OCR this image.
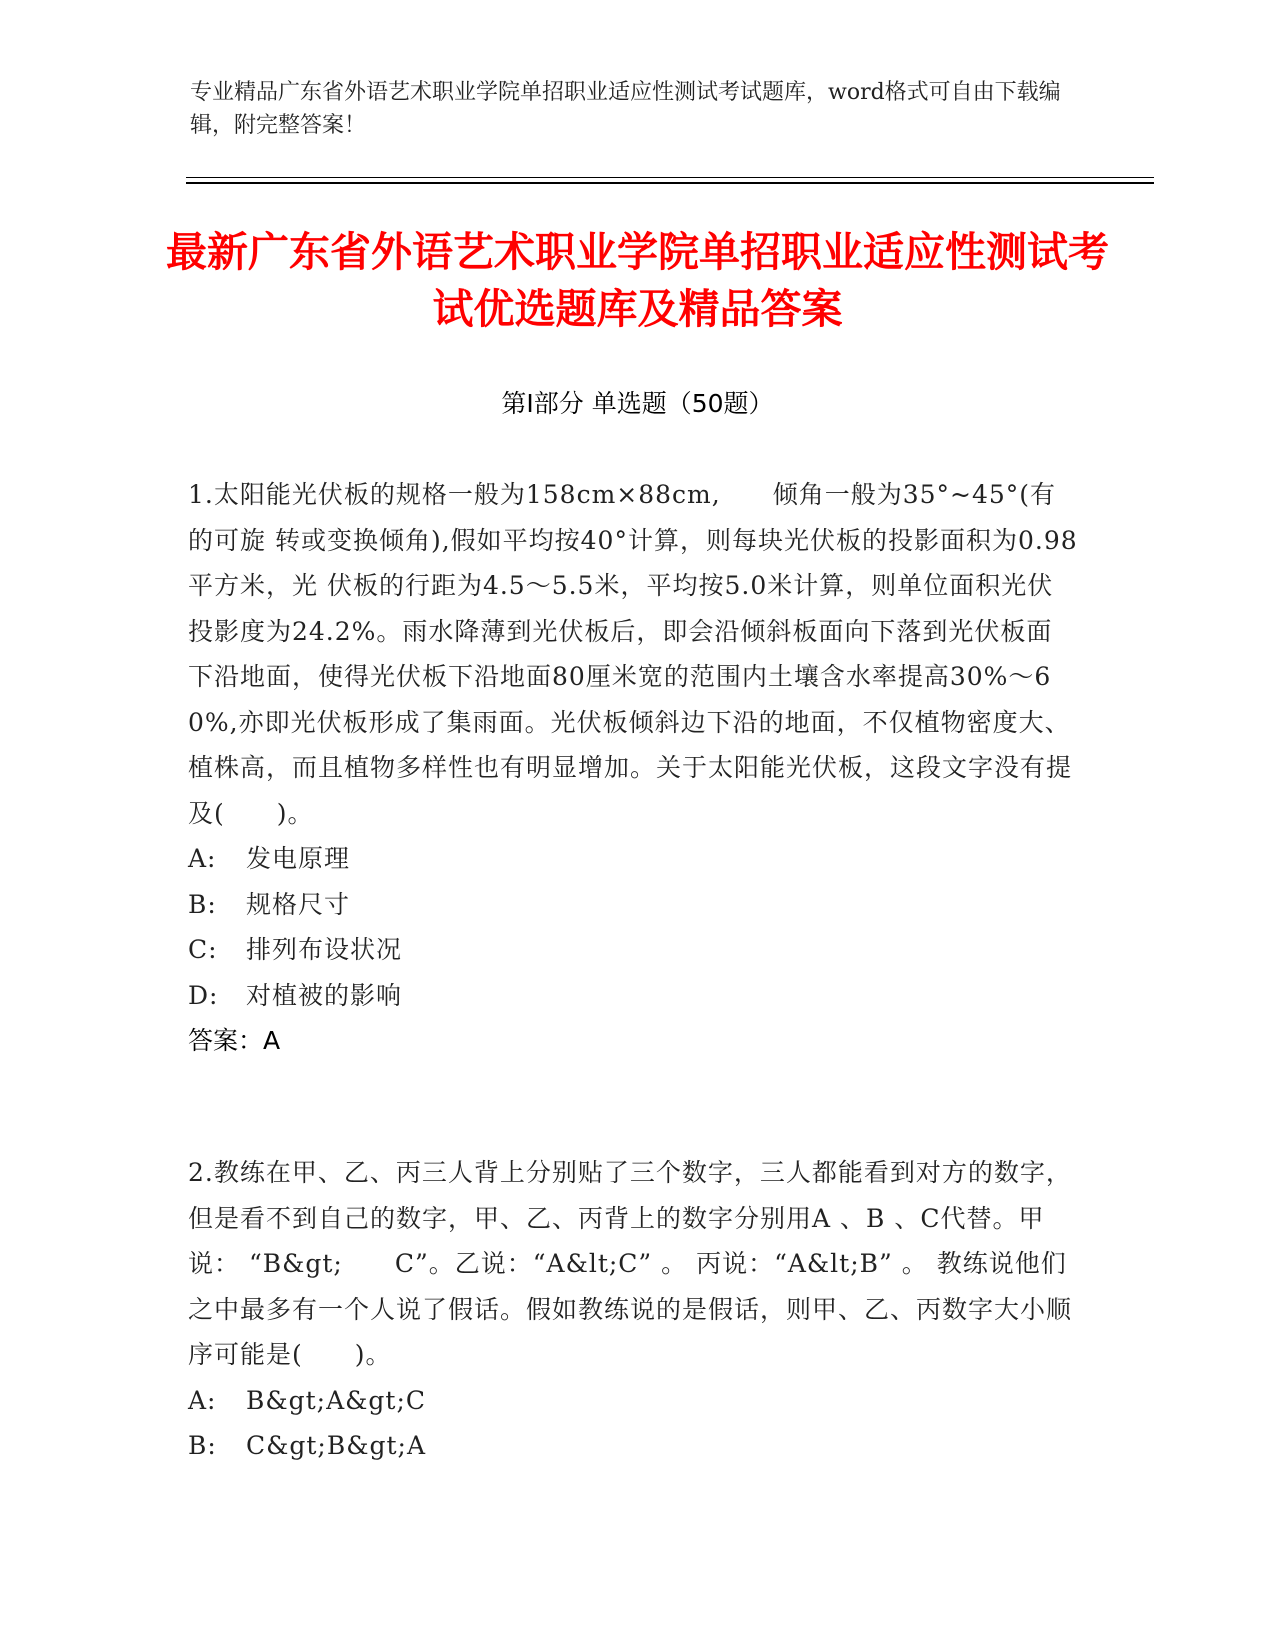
专业精品广东省外语艺术职业学院单招职业适应性测试考试题库，word格式可自由下载编辑，附完整答案！
最新广东省外语艺术职业学院单招职业适应性测试考试优选题库及精品答案
第Ⅰ部分 单选题（50题）
1.太阳能光伏板的规格一般为158cm×88cm,　　倾角一般为35°~45°(有的可旋 转或变换倾角),假如平均按40°计算，则每块光伏板的投影面积为0.98平方米，光 伏板的行距为4.5～5.5米，平均按5.0米计算，则单位面积光伏投影度为24.2%。雨水降薄到光伏板后，即会沿倾斜板面向下落到光伏板面下沿地面，使得光伏板下沿地面80厘米宽的范围内土壤含水率提高30%～60%,亦即光伏板形成了集雨面。光伏板倾斜边下沿的地面，不仅植物密度大、植株高，而且植物多样性也有明显增加。关于太阳能光伏板，这段文字没有提及(　　)。
A: 发电原理
B: 规格尺寸
C: 排列布设状况
D: 对植被的影响
答案：A
2.教练在甲、乙、丙三人背上分别贴了三个数字，三人都能看到对方的数字， 但是看不到自己的数字，甲、乙、丙背上的数字分别用A 、B 、C代替。甲说： “B&gt;　　C”。乙说：“A&lt;C” 。 丙说：“A&lt;B” 。 教练说他们之中最多有一个人说了假话。假如教练说的是假话，则甲、乙、丙数字大小顺序可能是(　　)。
A: B&gt;A&gt;C
B: C&gt;B&gt;A
